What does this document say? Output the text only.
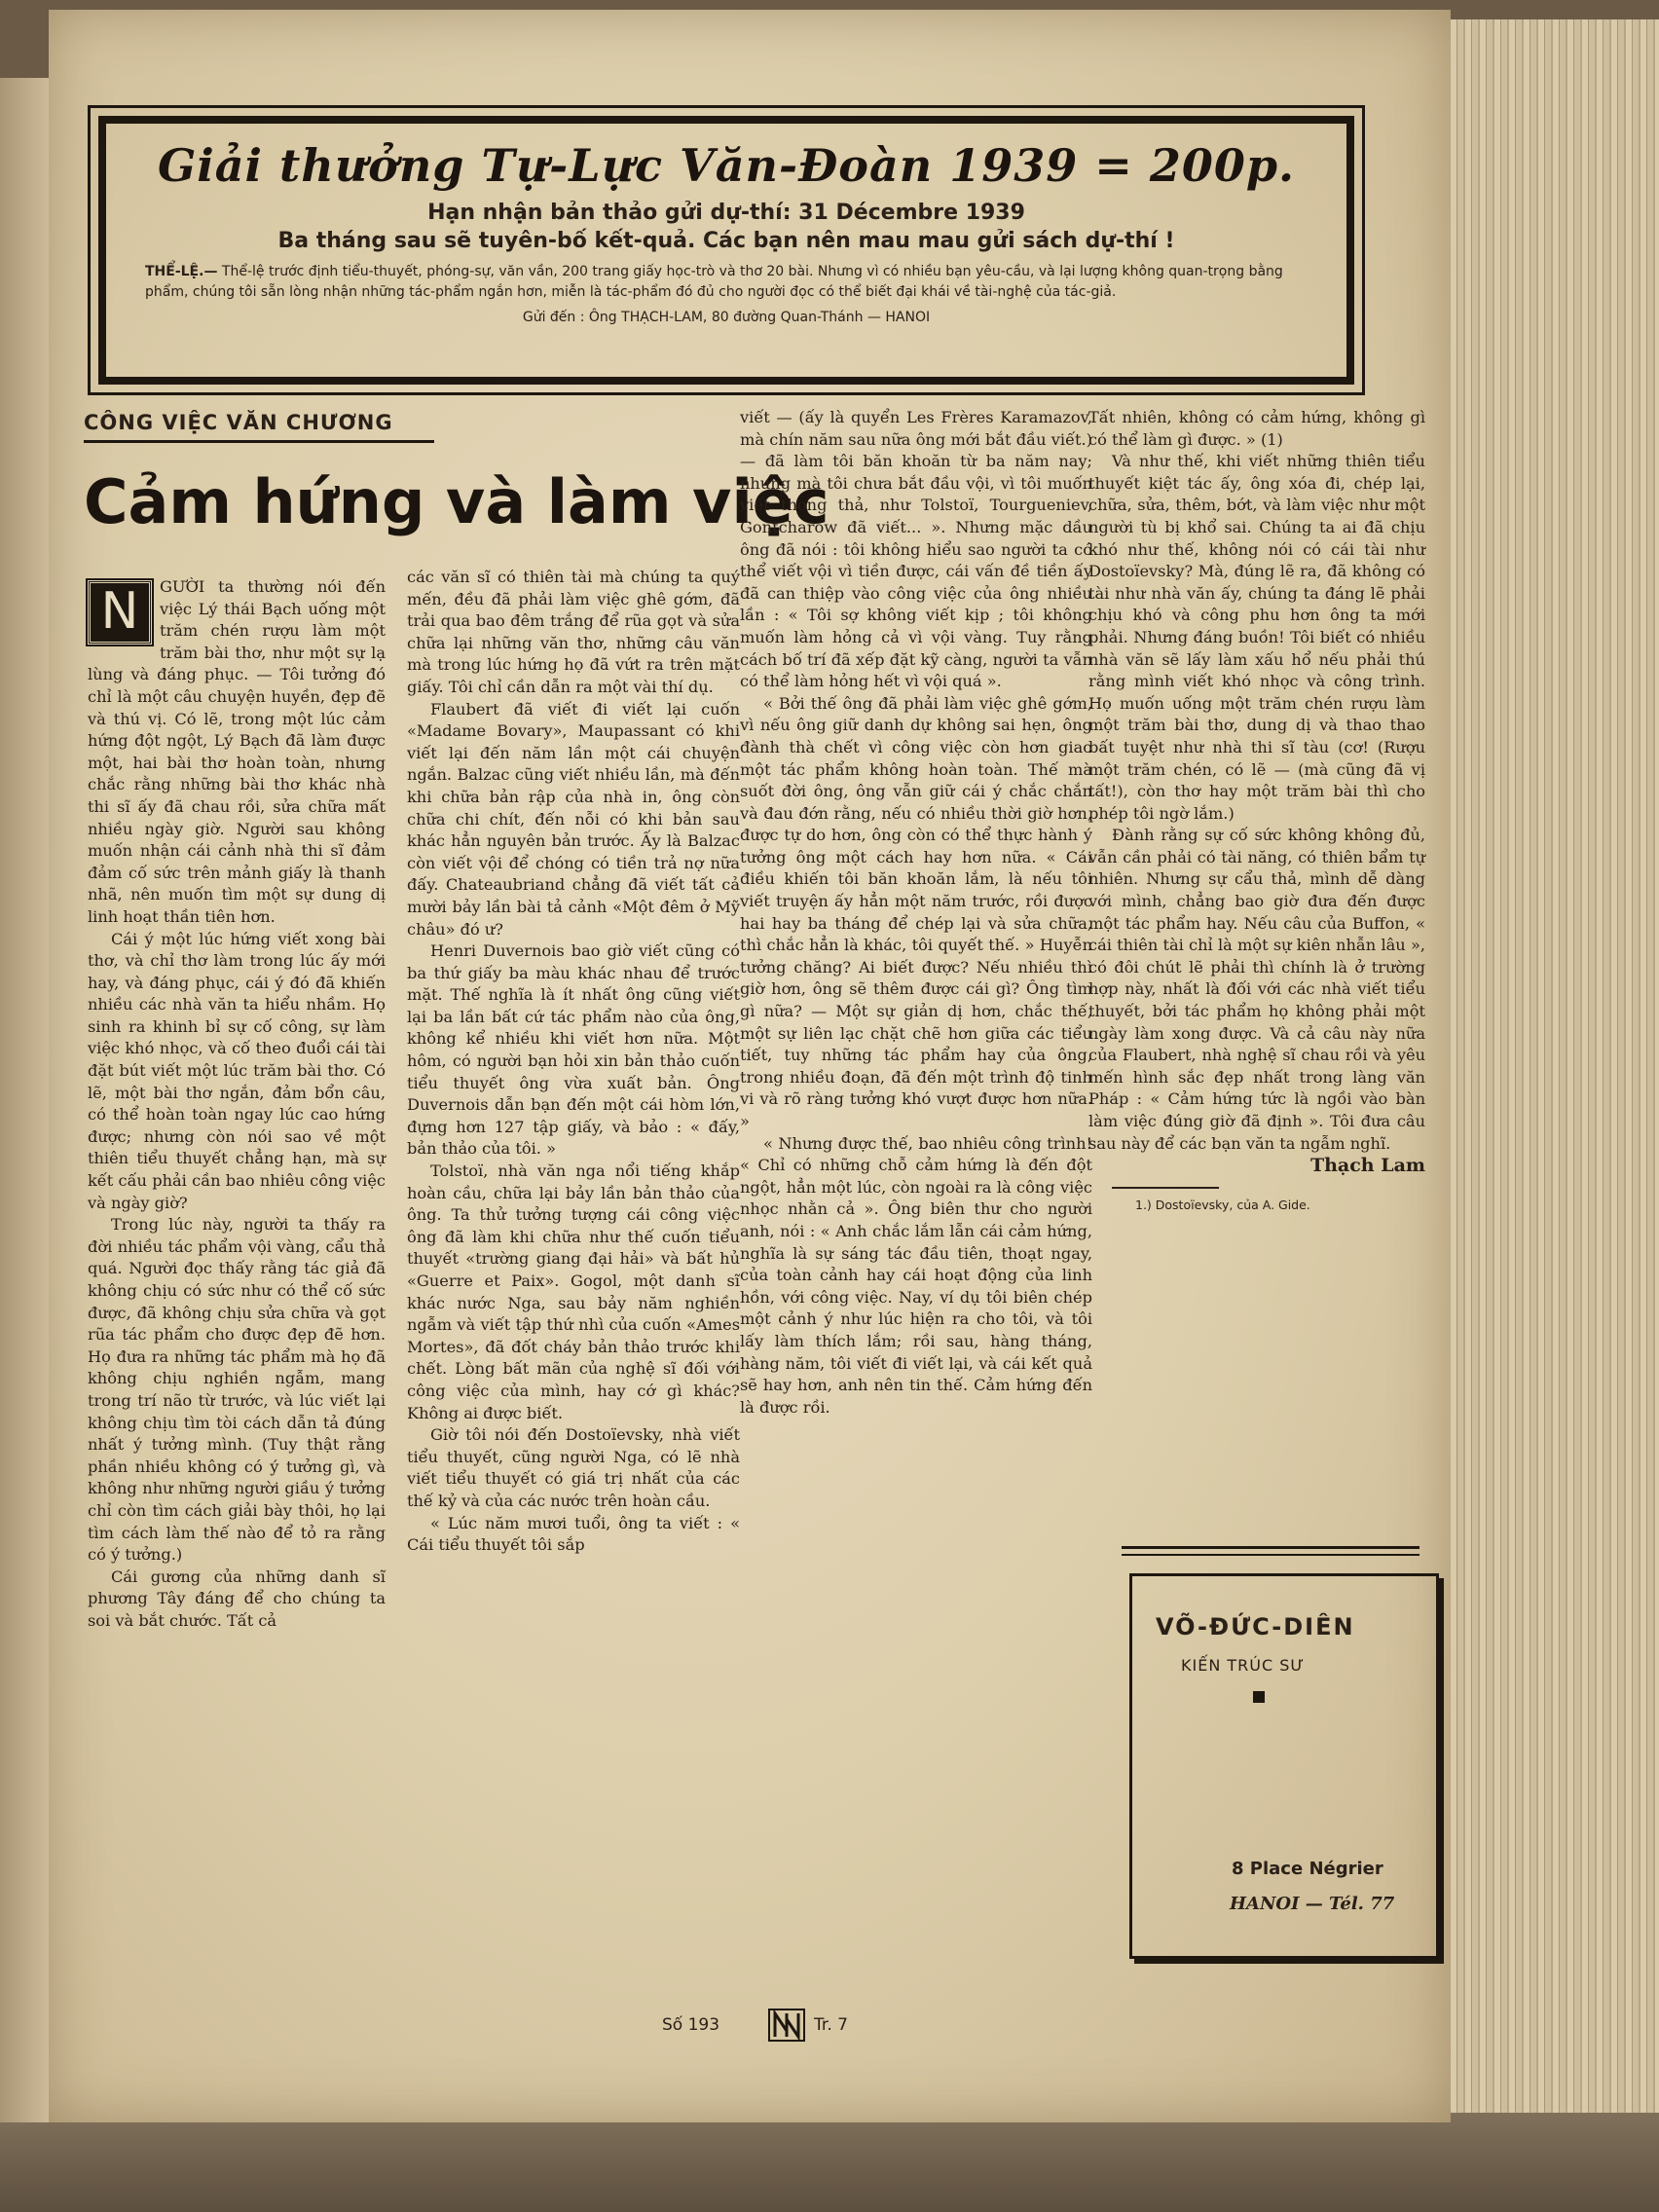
Giải thưởng Tự-Lực Văn-Đoàn 1939 = 200p.
Hạn nhận bản thảo gửi dự-thí: 31 Décembre 1939
Ba tháng sau sẽ tuyên-bố kết-quả. Các bạn nên mau mau gửi sách dự-thí !
THỂ-LỆ.— Thể-lệ trước định tiểu-thuyết, phóng-sự, văn vần, 200 trang giấy học-trò và thơ 20 bài. Nhưng vì có nhiều bạn yêu-cầu, và lại lượng không quan-trọng bằng phẩm, chúng tôi sẵn lòng nhận những tác-phẩm ngắn hơn, miễn là tác-phẩm đó đủ cho người đọc có thể biết đại khái về tài-nghệ của tác-giả.
Gửi đến : Ông THẠCH-LAM, 80 đường Quan-Thánh — HANOI
CÔNG VIỆC VĂN CHƯƠNG
Cảm hứng và làm việc

N	GƯỜI ta thường nói đến việc Lý thái Bạch uống một trăm chén rượu làm một trăm bài thơ, như một sự lạ lùng và đáng phục. — Tôi tưởng đó chỉ là một câu chuyện huyền, đẹp đẽ và thú vị. Có lẽ, trong một lúc cảm hứng đột ngột, Lý Bạch đã làm được một, hai bài thơ hoàn toàn, nhưng chắc rằng những bài thơ khác nhà thi sĩ ấy đã chau rồi, sửa chữa mất nhiều ngày giờ. Người sau không muốn nhận cái cảnh nhà thi sĩ đảm đảm cố sức trên mảnh giấy là thanh nhã, nên muốn tìm một sự dung dị linh hoạt thần tiên hơn.

Cái ý một lúc hứng viết xong bài thơ, và chỉ thơ làm trong lúc ấy mới hay, và đáng phục, cái ý đó đã khiến nhiều các nhà văn ta hiểu nhầm. Họ sinh ra khinh bỉ sự cố công, sự làm việc khó nhọc, và cố theo đuổi cái tài đặt bút viết một lúc trăm bài thơ. Có lẽ, một bài thơ ngắn, đảm bổn câu, có thể hoàn toàn ngay lúc cao hứng được; nhưng còn nói sao về một thiên tiểu thuyết chẳng hạn, mà sự kết cấu phải cần bao nhiêu công việc và ngày giờ?

Trong lúc này, người ta thấy ra đời nhiều tác phẩm vội vàng, cẩu thả quá. Người đọc thấy rằng tác giả đã không chịu có sức như có thể cố sức được, đã không chịu sửa chữa và gọt rũa tác phẩm cho được đẹp đẽ hơn. Họ đưa ra những tác phẩm mà họ đã không chịu nghiền ngẫm, mang trong trí não từ trước, và lúc viết lại không chịu tìm tòi cách dẫn tả đúng nhất ý tưởng mình. (Tuy thật rằng phần nhiều không có ý tưởng gì, và không như những người giầu ý tưởng chỉ còn tìm cách giải bày thôi, họ lại tìm cách làm thế nào để tỏ ra rằng có ý tưởng.)

Cái gương của những danh sĩ phương Tây đáng để cho chúng ta soi và bắt chước. Tất cả

các văn sĩ có thiên tài mà chúng ta quý mến, đều đã phải làm việc ghê gớm, đã trải qua bao đêm trắng để rũa gọt và sửa chữa lại những văn thơ, những câu văn mà trong lúc hứng họ đã vứt ra trên mặt giấy. Tôi chỉ cần dẫn ra một vài thí dụ.

Flaubert đã viết đi viết lại cuốn «Madame Bovary», Maupassant có khi viết lại đến năm lần một cái chuyện ngắn. Balzac cũng viết nhiều lần, mà đến khi chữa bản rập của nhà in, ông còn chữa chi chít, đến nỗi có khi bản sau khác hẳn nguyên bản trước. Ấy là Balzac còn viết vội để chóng có tiền trả nợ nữa đấy. Chateaubriand chẳng đã viết tất cả mười bảy lần bài tả cảnh «Một đêm ở Mỹ châu» đó ư?

Henri Duvernois bao giờ viết cũng có ba thứ giấy ba màu khác nhau để trước mặt. Thế nghĩa là ít nhất ông cũng viết lại ba lần bất cứ tác phẩm nào của ông, không kể nhiều khi viết hơn nữa. Một hôm, có người bạn hỏi xin bản thảo cuốn tiểu thuyết ông vừa xuất bản. Ông Duvernois dẫn bạn đến một cái hòm lớn, đựng hơn 127 tập giấy, và bảo : « đấy, bản thảo của tôi. »

Tolstoï, nhà văn nga nổi tiếng khắp hoàn cầu, chữa lại bảy lần bản thảo của ông. Ta thử tưởng tượng cái công việc ông đã làm khi chữa như thế cuốn tiểu thuyết «trường giang đại hải» và bất hủ «Guerre et Paix». Gogol, một danh sĩ khác nước Nga, sau bảy năm nghiền ngẫm và viết tập thứ nhì của cuốn «Ames Mortes», đã đốt cháy bản thảo trước khi chết. Lòng bất mãn của nghệ sĩ đối với công việc của mình, hay cớ gì khác? Không ai được biết.

Giờ tôi nói đến Dostoïevsky, nhà viết tiểu thuyết, cũng người Nga, có lẽ nhà viết tiểu thuyết có giá trị nhất của các thế kỷ và của các nước trên hoàn cầu.

« Lúc năm mươi tuổi, ông ta viết : « Cái tiểu thuyết tôi sắp

viết — (ấy là quyển Les Frères Karamazov, mà chín năm sau nữa ông mới bắt đầu viết.) — đã làm tôi băn khoăn từ ba năm nay; nhưng mà tôi chưa bắt đầu vội, vì tôi muốn viết thong thả, như Tolstoï, Tourgueniev, Gontcharow đã viết... ». Nhưng mặc dầu ông đã nói : tôi không hiểu sao người ta có thể viết vội vì tiền được, cái vấn đề tiền ấy đã can thiệp vào công việc của ông nhiều lần : « Tôi sợ không viết kịp ; tôi không muốn làm hỏng cả vì vội vàng. Tuy rằng cách bố trí đã xếp đặt kỹ càng, người ta vẫn có thể làm hỏng hết vì vội quá ».

« Bởi thế ông đã phải làm việc ghê gớm, vì nếu ông giữ danh dự không sai hẹn, ông đành thà chết vì công việc còn hơn giao một tác phẩm không hoàn toàn. Thế mà suốt đời ông, ông vẫn giữ cái ý chắc chắn và đau đớn rằng, nếu có nhiều thời giờ hơn, được tự do hơn, ông còn có thể thực hành ý tưởng ông một cách hay hơn nữa. « Cái điều khiến tôi băn khoăn lắm, là nếu tôi viết truyện ấy hẳn một năm trước, rồi được hai hay ba tháng để chép lại và sửa chữa, thì chắc hẳn là khác, tôi quyết thế. » Huyễn tưởng chăng? Ai biết được? Nếu nhiều thì giờ hơn, ông sẽ thêm được cái gì? Ông tìm gì nữa? — Một sự giản dị hơn, chắc thế, một sự liên lạc chặt chẽ hơn giữa các tiểu tiết, tuy những tác phẩm hay của ông, trong nhiều đoạn, đã đến một trình độ tinh vi và rõ ràng tưởng khó vượt được hơn nữa. »

« Nhưng được thế, bao nhiêu công trình! « Chỉ có những chỗ cảm hứng là đến đột ngột, hẳn một lúc, còn ngoài ra là công việc nhọc nhằn cả ». Ông biên thư cho người anh, nói : « Anh chắc lắm lẫn cái cảm hứng, nghĩa là sự sáng tác đầu tiên, thoạt ngay, của toàn cảnh hay cái hoạt động của linh hồn, với công việc. Nay, ví dụ tôi biên chép một cảnh ý như lúc hiện ra cho tôi, và tôi lấy làm thích lắm; rồi sau, hàng tháng, hàng năm, tôi viết đi viết lại, và cái kết quả sẽ hay hơn, anh nên tin thế. Cảm hứng đến là được rồi.

Tất nhiên, không có cảm hứng, không gì có thể làm gì được. » (1)

Và như thế, khi viết những thiên tiểu thuyết kiệt tác ấy, ông xóa đi, chép lại, chữa, sửa, thêm, bớt, và làm việc như một người tù bị khổ sai. Chúng ta ai đã chịu khó như thế, không nói có cái tài như Dostoïevsky? Mà, đúng lẽ ra, đã không có tài như nhà văn ấy, chúng ta đáng lẽ phải chịu khó và công phu hơn ông ta mới phải. Nhưng đáng buồn! Tôi biết có nhiều nhà văn sẽ lấy làm xấu hổ nếu phải thú rằng mình viết khó nhọc và công trình. Họ muốn uống một trăm chén rượu làm một trăm bài thơ, dung dị và thao thao bất tuyệt như nhà thi sĩ tàu (cơ! (Rượu một trăm chén, có lẽ — (mà cũng đã vị tất!), còn thơ hay một trăm bài thì cho phép tôi ngờ lắm.)

Đành rằng sự cố sức không không đủ, vẫn cần phải có tài năng, có thiên bẩm tự nhiên. Nhưng sự cẩu thả, mình dễ dàng với mình, chẳng bao giờ đưa đến được một tác phẩm hay. Nếu câu của Buffon, « cái thiên tài chỉ là một sự kiên nhẫn lâu », có đôi chút lẽ phải thì chính là ở trường hợp này, nhất là đối với các nhà viết tiểu thuyết, bởi tác phẩm họ không phải một ngày làm xong được. Và cả câu này nữa của Flaubert, nhà nghệ sĩ chau rồi và yêu mến hình sắc đẹp nhất trong làng văn Pháp : « Cảm hứng tức là ngồi vào bàn làm việc đúng giờ đã định ». Tôi đưa câu sau này để các bạn văn ta ngẫm nghĩ.

Thạch Lam

1.) Dostoïevsky, của A. Gide.

VÕ-ĐỨC-DIÊN
KIẾN TRÚC SƯ
8 Place Négrier
HANOI — Tél. 77
Số 193	Tr. 7
